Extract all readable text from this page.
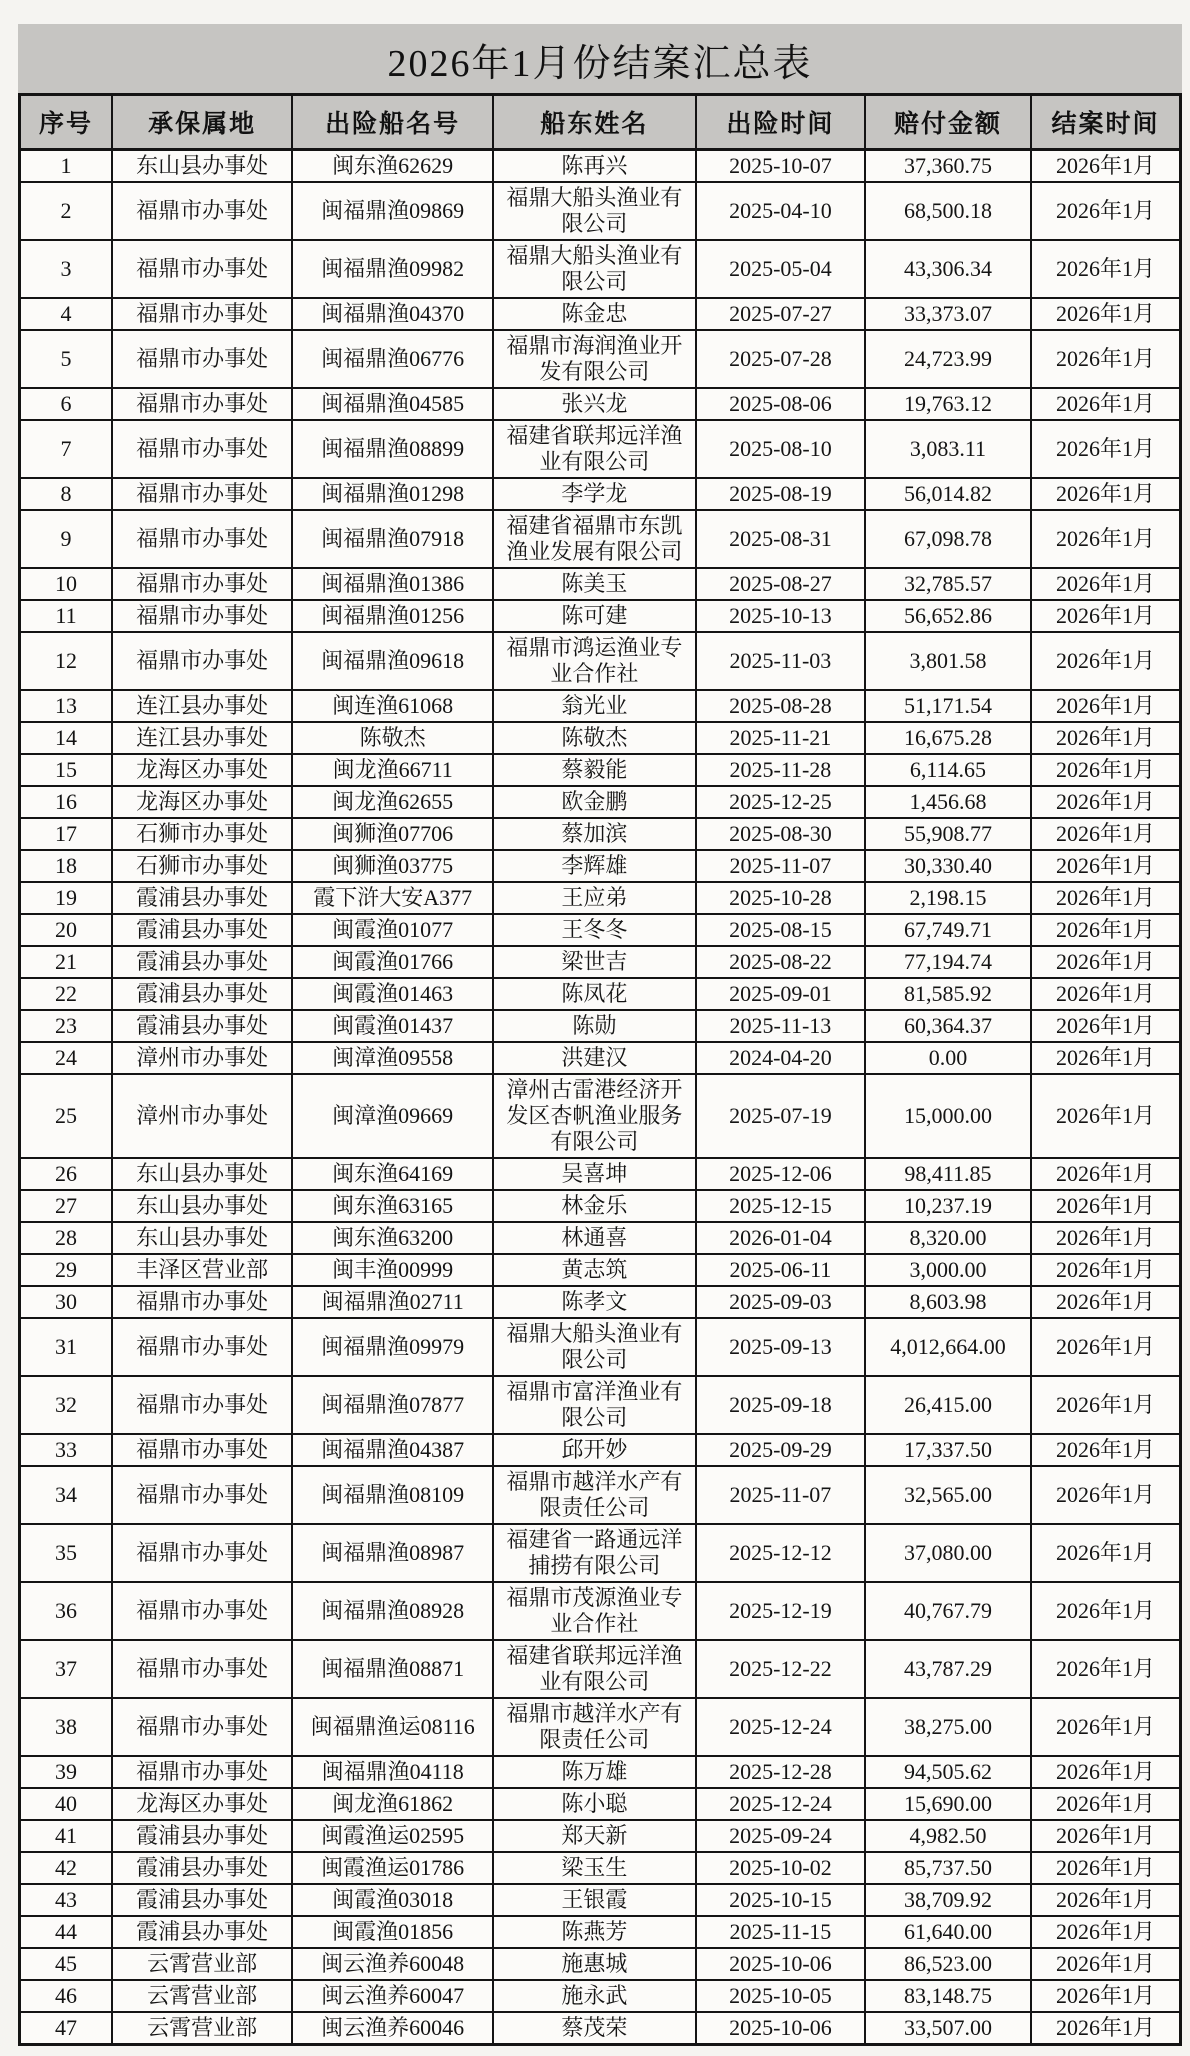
2026年1月份结案汇总表
序号	承保属地	出险船名号	船东姓名	出险时间	赔付金额	结案时间
1	东山县办事处	闽东渔62629	陈再兴	2025-10-07	37,360.75	2026年1月
2	福鼎市办事处	闽福鼎渔09869	福鼎大船头渔业有限公司	2025-04-10	68,500.18	2026年1月
3	福鼎市办事处	闽福鼎渔09982	福鼎大船头渔业有限公司	2025-05-04	43,306.34	2026年1月
4	福鼎市办事处	闽福鼎渔04370	陈金忠	2025-07-27	33,373.07	2026年1月
5	福鼎市办事处	闽福鼎渔06776	福鼎市海润渔业开发有限公司	2025-07-28	24,723.99	2026年1月
6	福鼎市办事处	闽福鼎渔04585	张兴龙	2025-08-06	19,763.12	2026年1月
7	福鼎市办事处	闽福鼎渔08899	福建省联邦远洋渔业有限公司	2025-08-10	3,083.11	2026年1月
8	福鼎市办事处	闽福鼎渔01298	李学龙	2025-08-19	56,014.82	2026年1月
9	福鼎市办事处	闽福鼎渔07918	福建省福鼎市东凯渔业发展有限公司	2025-08-31	67,098.78	2026年1月
10	福鼎市办事处	闽福鼎渔01386	陈美玉	2025-08-27	32,785.57	2026年1月
11	福鼎市办事处	闽福鼎渔01256	陈可建	2025-10-13	56,652.86	2026年1月
12	福鼎市办事处	闽福鼎渔09618	福鼎市鸿运渔业专业合作社	2025-11-03	3,801.58	2026年1月
13	连江县办事处	闽连渔61068	翁光业	2025-08-28	51,171.54	2026年1月
14	连江县办事处	陈敬杰	陈敬杰	2025-11-21	16,675.28	2026年1月
15	龙海区办事处	闽龙渔66711	蔡毅能	2025-11-28	6,114.65	2026年1月
16	龙海区办事处	闽龙渔62655	欧金鹏	2025-12-25	1,456.68	2026年1月
17	石狮市办事处	闽狮渔07706	蔡加滨	2025-08-30	55,908.77	2026年1月
18	石狮市办事处	闽狮渔03775	李辉雄	2025-11-07	30,330.40	2026年1月
19	霞浦县办事处	霞下浒大安A377	王应弟	2025-10-28	2,198.15	2026年1月
20	霞浦县办事处	闽霞渔01077	王冬冬	2025-08-15	67,749.71	2026年1月
21	霞浦县办事处	闽霞渔01766	梁世吉	2025-08-22	77,194.74	2026年1月
22	霞浦县办事处	闽霞渔01463	陈凤花	2025-09-01	81,585.92	2026年1月
23	霞浦县办事处	闽霞渔01437	陈勋	2025-11-13	60,364.37	2026年1月
24	漳州市办事处	闽漳渔09558	洪建汉	2024-04-20	0.00	2026年1月
25	漳州市办事处	闽漳渔09669	漳州古雷港经济开发区杏帆渔业服务有限公司	2025-07-19	15,000.00	2026年1月
26	东山县办事处	闽东渔64169	吴喜坤	2025-12-06	98,411.85	2026年1月
27	东山县办事处	闽东渔63165	林金乐	2025-12-15	10,237.19	2026年1月
28	东山县办事处	闽东渔63200	林通喜	2026-01-04	8,320.00	2026年1月
29	丰泽区营业部	闽丰渔00999	黄志筑	2025-06-11	3,000.00	2026年1月
30	福鼎市办事处	闽福鼎渔02711	陈孝文	2025-09-03	8,603.98	2026年1月
31	福鼎市办事处	闽福鼎渔09979	福鼎大船头渔业有限公司	2025-09-13	4,012,664.00	2026年1月
32	福鼎市办事处	闽福鼎渔07877	福鼎市富洋渔业有限公司	2025-09-18	26,415.00	2026年1月
33	福鼎市办事处	闽福鼎渔04387	邱开妙	2025-09-29	17,337.50	2026年1月
34	福鼎市办事处	闽福鼎渔08109	福鼎市越洋水产有限责任公司	2025-11-07	32,565.00	2026年1月
35	福鼎市办事处	闽福鼎渔08987	福建省一路通远洋捕捞有限公司	2025-12-12	37,080.00	2026年1月
36	福鼎市办事处	闽福鼎渔08928	福鼎市茂源渔业专业合作社	2025-12-19	40,767.79	2026年1月
37	福鼎市办事处	闽福鼎渔08871	福建省联邦远洋渔业有限公司	2025-12-22	43,787.29	2026年1月
38	福鼎市办事处	闽福鼎渔运08116	福鼎市越洋水产有限责任公司	2025-12-24	38,275.00	2026年1月
39	福鼎市办事处	闽福鼎渔04118	陈万雄	2025-12-28	94,505.62	2026年1月
40	龙海区办事处	闽龙渔61862	陈小聪	2025-12-24	15,690.00	2026年1月
41	霞浦县办事处	闽霞渔运02595	郑天新	2025-09-24	4,982.50	2026年1月
42	霞浦县办事处	闽霞渔运01786	梁玉生	2025-10-02	85,737.50	2026年1月
43	霞浦县办事处	闽霞渔03018	王银霞	2025-10-15	38,709.92	2026年1月
44	霞浦县办事处	闽霞渔01856	陈燕芳	2025-11-15	61,640.00	2026年1月
45	云霄营业部	闽云渔养60048	施惠城	2025-10-06	86,523.00	2026年1月
46	云霄营业部	闽云渔养60047	施永武	2025-10-05	83,148.75	2026年1月
47	云霄营业部	闽云渔养60046	蔡茂荣	2025-10-06	33,507.00	2026年1月
